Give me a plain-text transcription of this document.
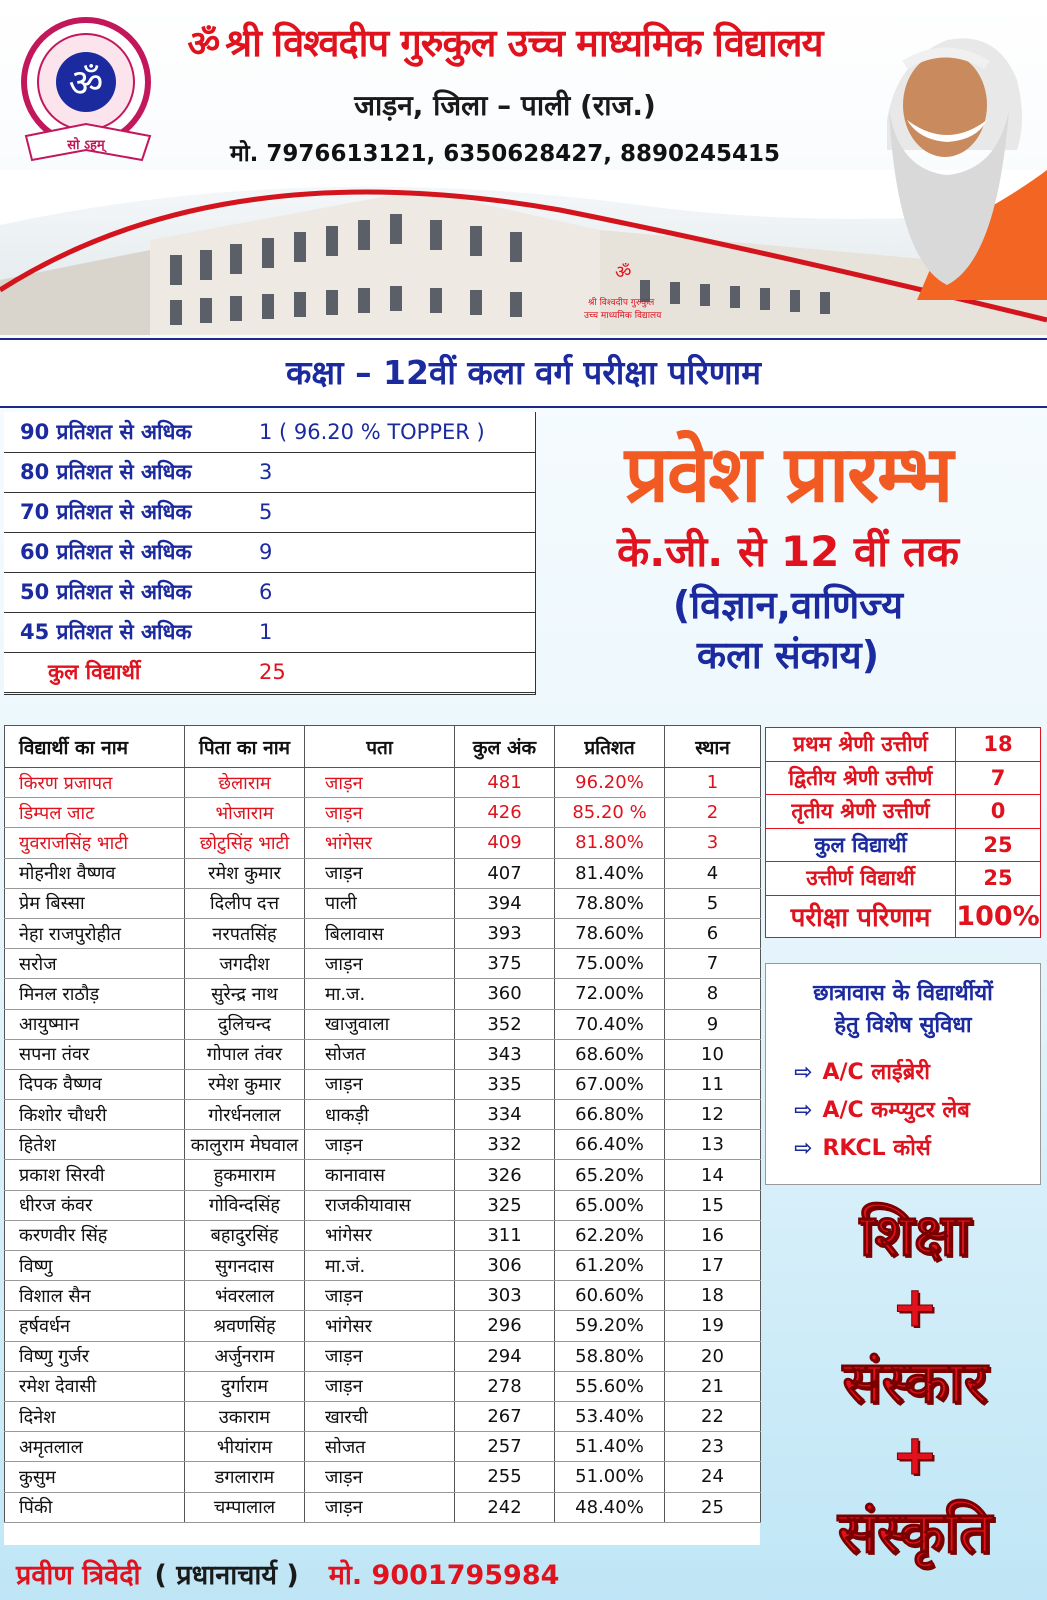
ॐ
श्री विश्वदीप गुरुकुल
उच्च माध्यमिक विद्यालय
ॐ
सो ऽहम्
ॐ श्री विश्वदीप गुरुकुल उच्च माध्यमिक विद्यालय
जाड़न, जिला – पाली (राज.)
मो. 7976613121, 6350628427, 8890245415
कक्षा – 12वीं कला वर्ग परीक्षा परिणाम
90 प्रतिशत से अधिक	1 ( 96.20 % TOPPER )
80 प्रतिशत से अधिक	3
70 प्रतिशत से अधिक	5
60 प्रतिशत से अधिक	9
50 प्रतिशत से अधिक	6
45 प्रतिशत से अधिक	1
कुल विद्यार्थी	25
प्रवेश प्रारम्भ
के.जी. से 12 वीं तक
(विज्ञान,वाणिज्य
कला संकाय)
विद्यार्थी का नाम	पिता का नाम	पता	कुल अंक	प्रतिशत	स्थान
किरण प्रजापत	छेलाराम	जाड़न	481	96.20%	1
डिम्पल जाट	भोजाराम	जाड़न	426	85.20 %	2
युवराजसिंह भाटी	छोटुसिंह भाटी	भांगेसर	409	81.80%	3
मोहनीश वैष्णव	रमेश कुमार	जाड़न	407	81.40%	4
प्रेम बिस्सा	दिलीप दत्त	पाली	394	78.80%	5
नेहा राजपुरोहीत	नरपतसिंह	बिलावास	393	78.60%	6
सरोज	जगदीश	जाड़न	375	75.00%	7
मिनल राठौड़	सुरेन्द्र नाथ	मा.ज.	360	72.00%	8
आयुष्मान	दुलिचन्द	खाजुवाला	352	70.40%	9
सपना तंवर	गोपाल तंवर	सोजत	343	68.60%	10
दिपक वैष्णव	रमेश कुमार	जाड़न	335	67.00%	11
किशोर चौधरी	गोरर्धनलाल	धाकड़ी	334	66.80%	12
हितेश	कालुराम मेघवाल	जाड़न	332	66.40%	13
प्रकाश सिरवी	हुकमाराम	कानावास	326	65.20%	14
धीरज कंवर	गोविन्दसिंह	राजकीयावास	325	65.00%	15
करणवीर सिंह	बहादुरसिंह	भांगेसर	311	62.20%	16
विष्णु	सुगनदास	मा.जं.	306	61.20%	17
विशाल सैन	भंवरलाल	जाड़न	303	60.60%	18
हर्षवर्धन	श्रवणसिंह	भांगेसर	296	59.20%	19
विष्णु गुर्जर	अर्जुनराम	जाड़न	294	58.80%	20
रमेश देवासी	दुर्गाराम	जाड़न	278	55.60%	21
दिनेश	उकाराम	खारची	267	53.40%	22
अमृतलाल	भीयांराम	सोजत	257	51.40%	23
कुसुम	डगलाराम	जाड़न	255	51.00%	24
पिंकी	चम्पालाल	जाड़न	242	48.40%	25
प्रथम श्रेणी उत्तीर्ण	18
द्वितीय श्रेणी उत्तीर्ण	7
तृतीय श्रेणी उत्तीर्ण	0
कुल विद्यार्थी	25
उत्तीर्ण विद्यार्थी	25
परीक्षा परिणाम	100%
छात्रावास के विद्यार्थीयों
हेतु विशेष सुविधा
⇨ A/C लाईब्रेरी
⇨ A/C कम्प्युटर लेब
⇨ RKCL कोर्स
शिक्षा
+
संस्कार
+
संस्कृति
प्रवीण त्रिवेदी ( प्रधानाचार्य ) मो. 9001795984
